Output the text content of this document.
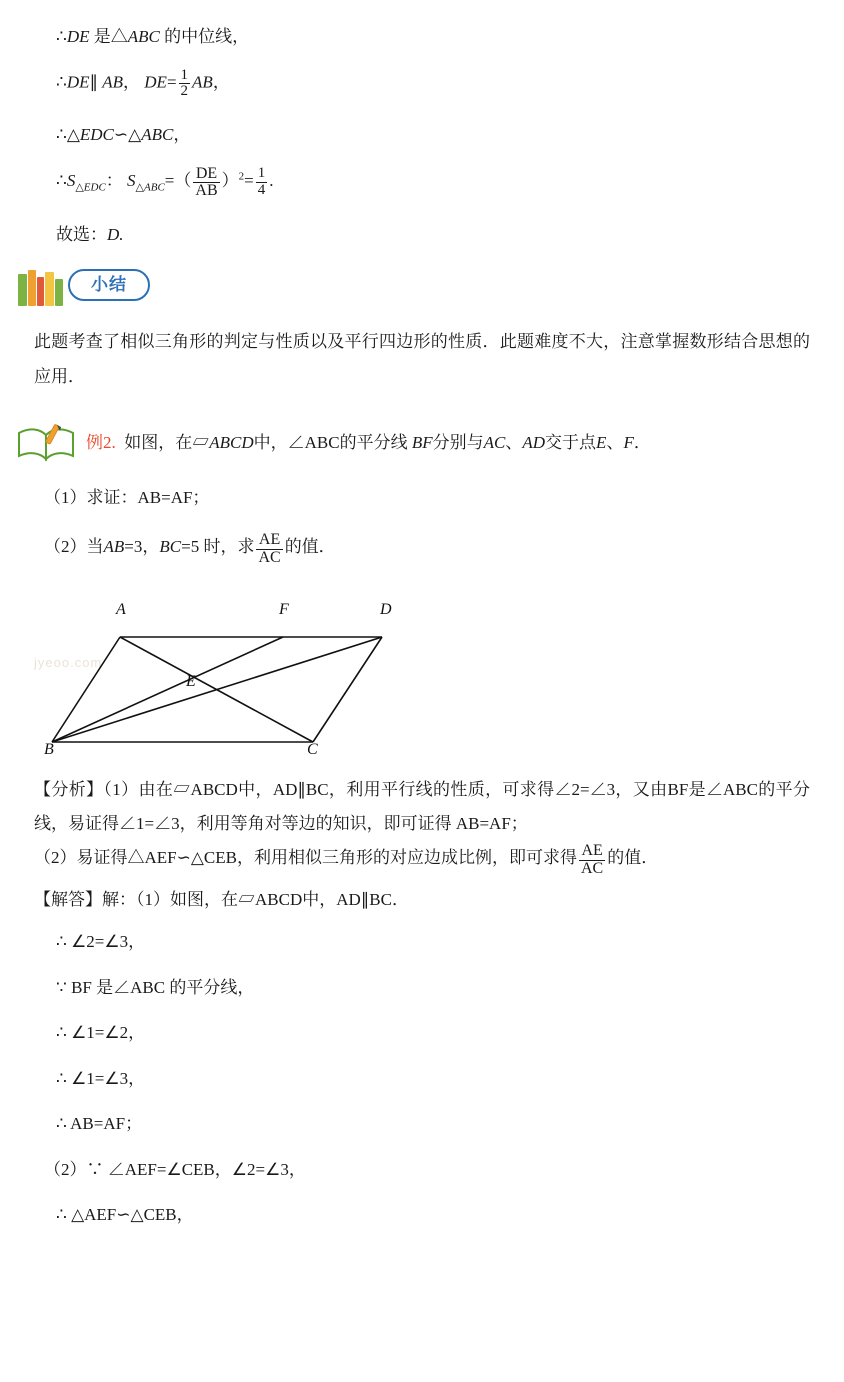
∴DE 是△ABC 的中位线，
∴DE∥ AB， $DE= \frac{1}{2}$ AB，
∴△EDC∽△ABC，
$\therefore S_{\triangle EDC}$： $S_{\triangle ABC}=( \frac{DE}{AB} )^2= \frac{1}{4}$ .
故选：D.
小结
此题考查了相似三角形的判定与性质以及平行四边形的性质．此题难度不大，注意掌握数形结合思想的应用．
例2. 如图，在▱ABCD中，∠ABC的平分线 BF分别与AC、AD交于点E、F．
（1）求证：AB=AF；
（2）当AB=3，BC=5 时，求 $\frac{AE}{AC}$ 的值．
jyeoo.com
A	F	D
E
B	C
【分析】（1）由在▱ABCD中，AD∥BC，利用平行线的性质，可求得∠2=∠3，又由BF是∠ABC的平分线，易证得∠1=∠3，利用等角对等边的知识，即可证得 AB=AF；
（2）易证得△AEF∽△CEB，利用相似三角形的对应边成比例，即可求得 $\frac{AE}{AC}$ 的值．
【解答】解：（1）如图，在▱ABCD中，AD∥BC．
∴ ∠2=∠3，
∵ BF 是∠ABC 的平分线，
∴ ∠1=∠2，
∴ ∠1=∠3，
∴ AB=AF；
（2）∵ ∠AEF=∠CEB，∠2=∠3，
∴ △AEF∽△CEB，
